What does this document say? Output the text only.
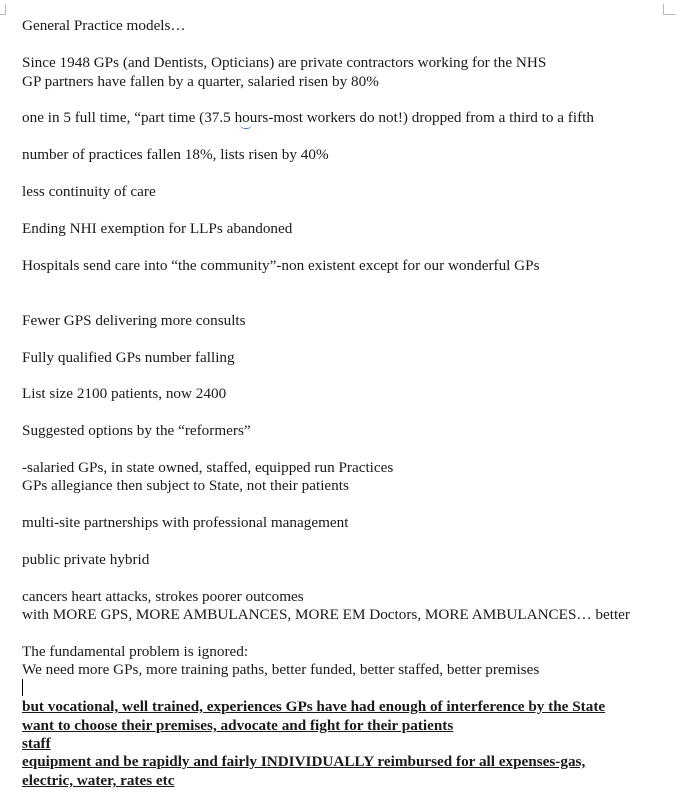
General Practice models…
Since 1948 GPs (and Dentists, Opticians) are private contractors working for the NHS
GP partners have fallen by a quarter, salaried risen by 80%
one in 5 full time, “part time (37.5 hours-most workers do not!) dropped from a third to a fifth
number of practices fallen 18%, lists risen by 40%
less continuity of care
Ending NHI exemption for LLPs abandoned
Hospitals send care into “the community”-non existent except for our wonderful GPs
Fewer GPS delivering more consults
Fully qualified GPs number falling
List size 2100 patients, now 2400
Suggested options by the “reformers”
-salaried GPs, in state owned, staffed, equipped run Practices
GPs allegiance then subject to State, not their patients
multi-site partnerships with professional management
public private hybrid
cancers heart attacks, strokes poorer outcomes
with MORE GPS, MORE AMBULANCES, MORE EM Doctors, MORE AMBULANCES… better
The fundamental problem is ignored:
We need more GPs, more training paths, better funded, better staffed, better premises
but vocational, well trained, experiences GPs have had enough of interference by the State
want to choose their premises, advocate and fight for their patients
staff
equipment and be rapidly and fairly INDIVIDUALLY reimbursed for all expenses-gas,
electric, water, rates etc
